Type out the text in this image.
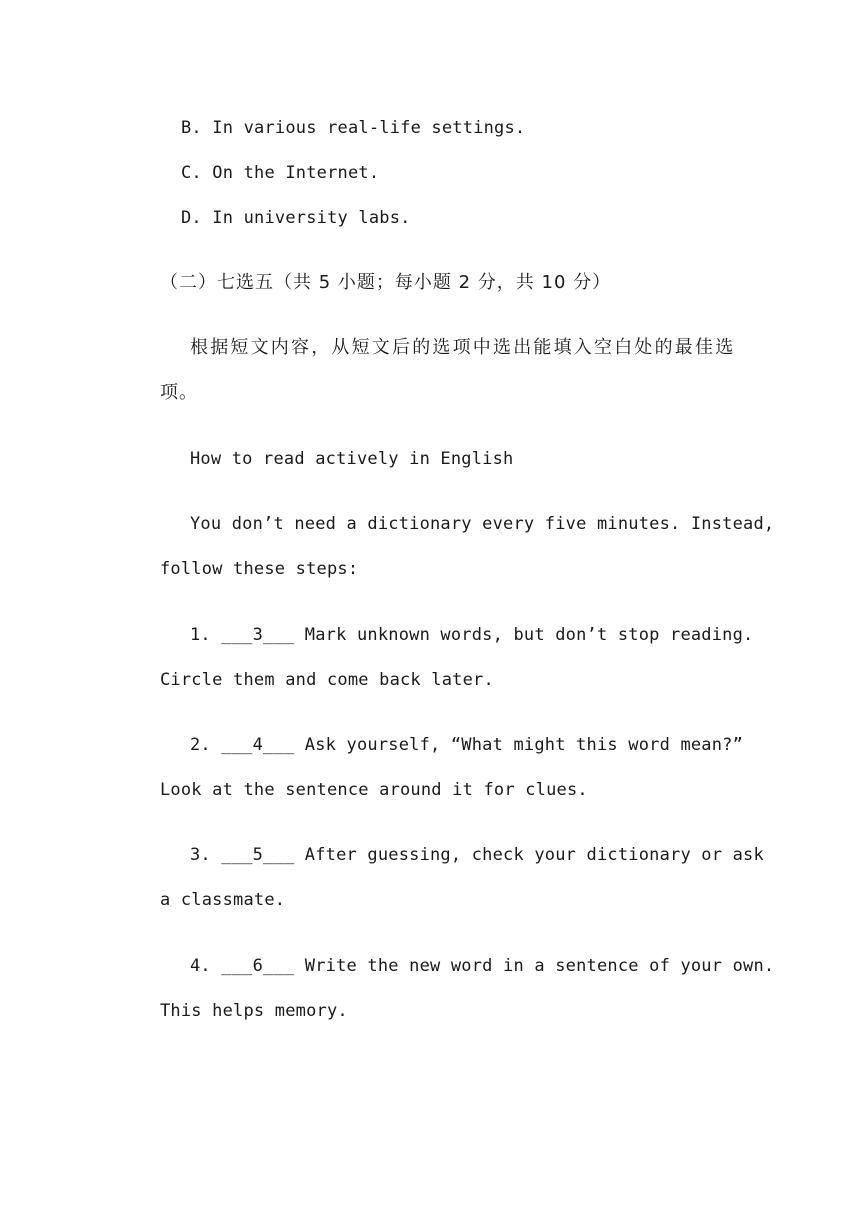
B. In various real-life settings.
C. On the Internet.
D. In university labs.
（二）七选五（共 5 小题；每小题 2 分，共 10 分）
根据短文内容，从短文后的选项中选出能填入空白处的最佳选
项。
How to read actively in English
You don’t need a dictionary every five minutes. Instead,
follow these steps:
1. ___3___ Mark unknown words, but don’t stop reading.
Circle them and come back later.
2. ___4___ Ask yourself, “What might this word mean?”
Look at the sentence around it for clues.
3. ___5___ After guessing, check your dictionary or ask
a classmate.
4. ___6___ Write the new word in a sentence of your own.
This helps memory.
